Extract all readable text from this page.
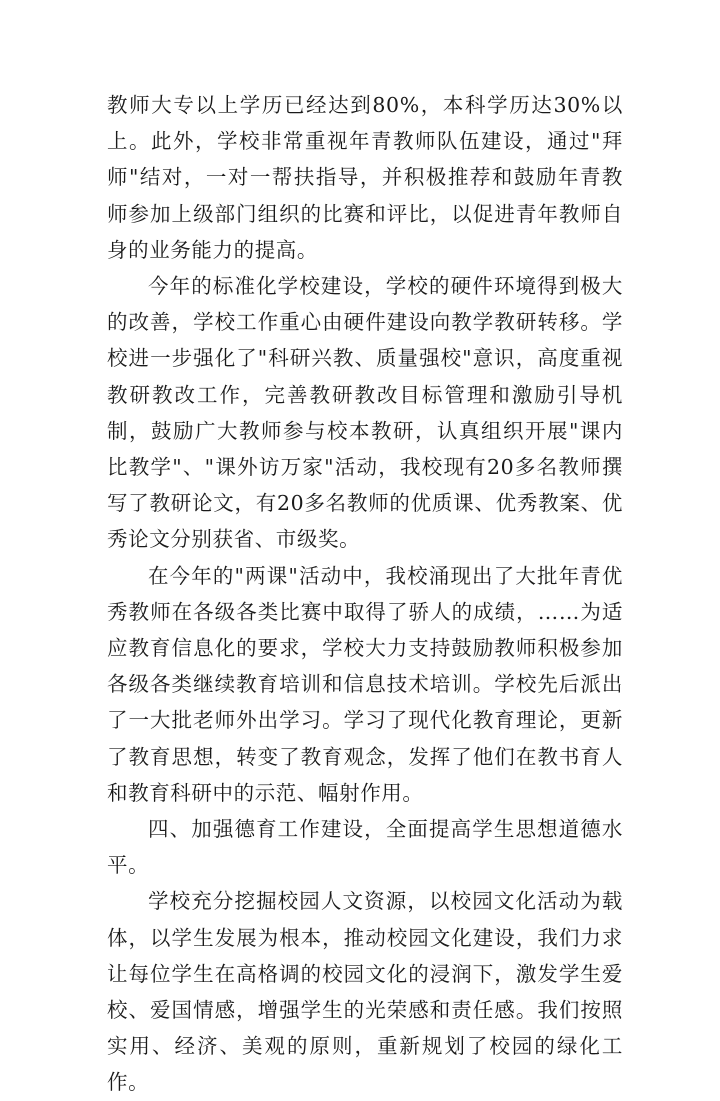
教师大专以上学历已经达到80%，本科学历达30%以上。此外，学校非常重视年青教师队伍建设，通过"拜师"结对，一对一帮扶指导，并积极推荐和鼓励年青教师参加上级部门组织的比赛和评比，以促进青年教师自身的业务能力的提高。

今年的标准化学校建设，学校的硬件环境得到极大的改善，学校工作重心由硬件建设向教学教研转移。学校进一步强化了"科研兴教、质量强校"意识，高度重视教研教改工作，完善教研教改目标管理和激励引导机制，鼓励广大教师参与校本教研，认真组织开展"课内比教学"、"课外访万家"活动，我校现有20多名教师撰写了教研论文，有20多名教师的优质课、优秀教案、优秀论文分别获省、市级奖。

在今年的"两课"活动中，我校涌现出了大批年青优秀教师在各级各类比赛中取得了骄人的成绩，……为适应教育信息化的要求，学校大力支持鼓励教师积极参加各级各类继续教育培训和信息技术培训。学校先后派出了一大批老师外出学习。学习了现代化教育理论，更新了教育思想，转变了教育观念，发挥了他们在教书育人和教育科研中的示范、幅射作用。

四、加强德育工作建设，全面提高学生思想道德水平。

学校充分挖掘校园人文资源，以校园文化活动为载体，以学生发展为根本，推动校园文化建设，我们力求让每位学生在高格调的校园文化的浸润下，激发学生爱校、爱国情感，增强学生的光荣感和责任感。我们按照实用、经济、美观的原则，重新规划了校园的绿化工作。
